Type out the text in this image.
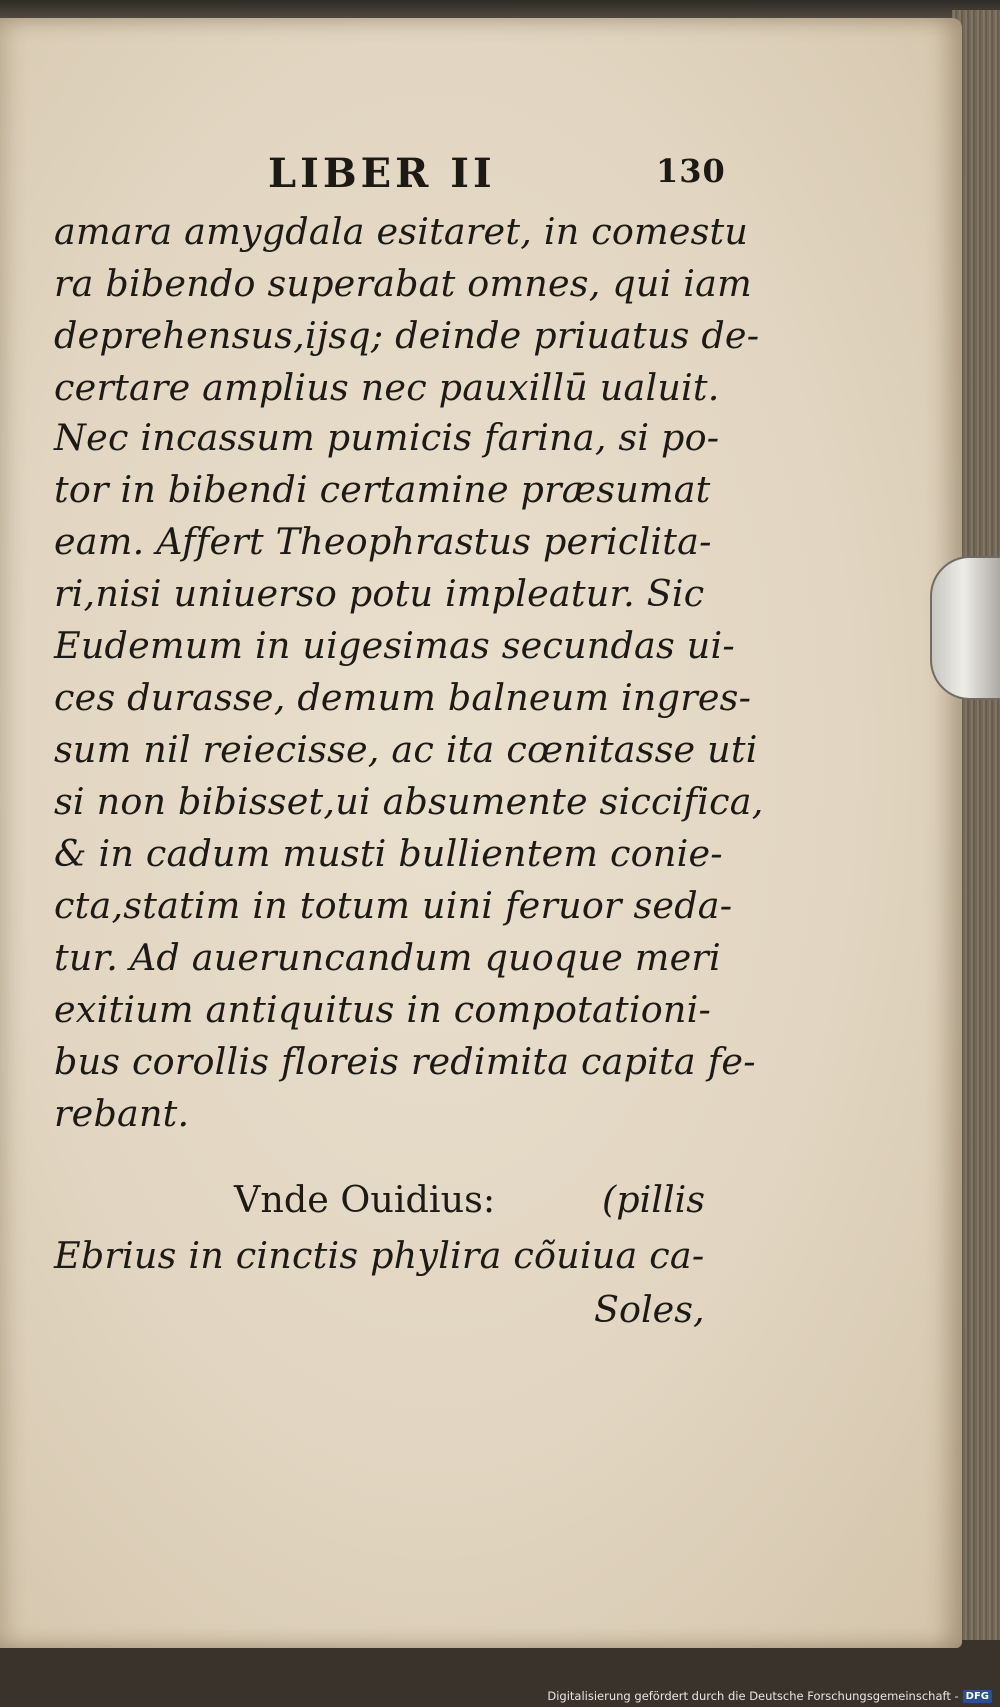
LIBER II	130
amara amygdala esitaret, in comestu
ra bibendo superabat omnes, qui iam
deprehensus,ijsq; deinde priuatus de-
certare amplius nec pauxillū ualuit.
Nec incassum pumicis farina, si po-
tor in bibendi certamine præsumat
eam. Affert Theophrastus periclita-
ri,nisi uniuerso potu impleatur. Sic
Eudemum in uigesimas secundas ui-
ces durasse, demum balneum ingres-
sum nil reiecisse, ac ita cœnitasse uti
si non bibisset,ui absumente siccifica,
& in cadum musti bullientem conie-
cta,statim in totum uini feruor seda-
tur. Ad aueruncandum quoque meri
exitium antiquitus in compotationi-
bus corollis floreis redimita capita fe-
rebant.
Vnde Ouidius:	(pillis
Ebrius in cinctis phylira cõuiua ca-
Soles,
Digitalisierung gefördert durch die Deutsche Forschungsgemeinschaft - DFG
